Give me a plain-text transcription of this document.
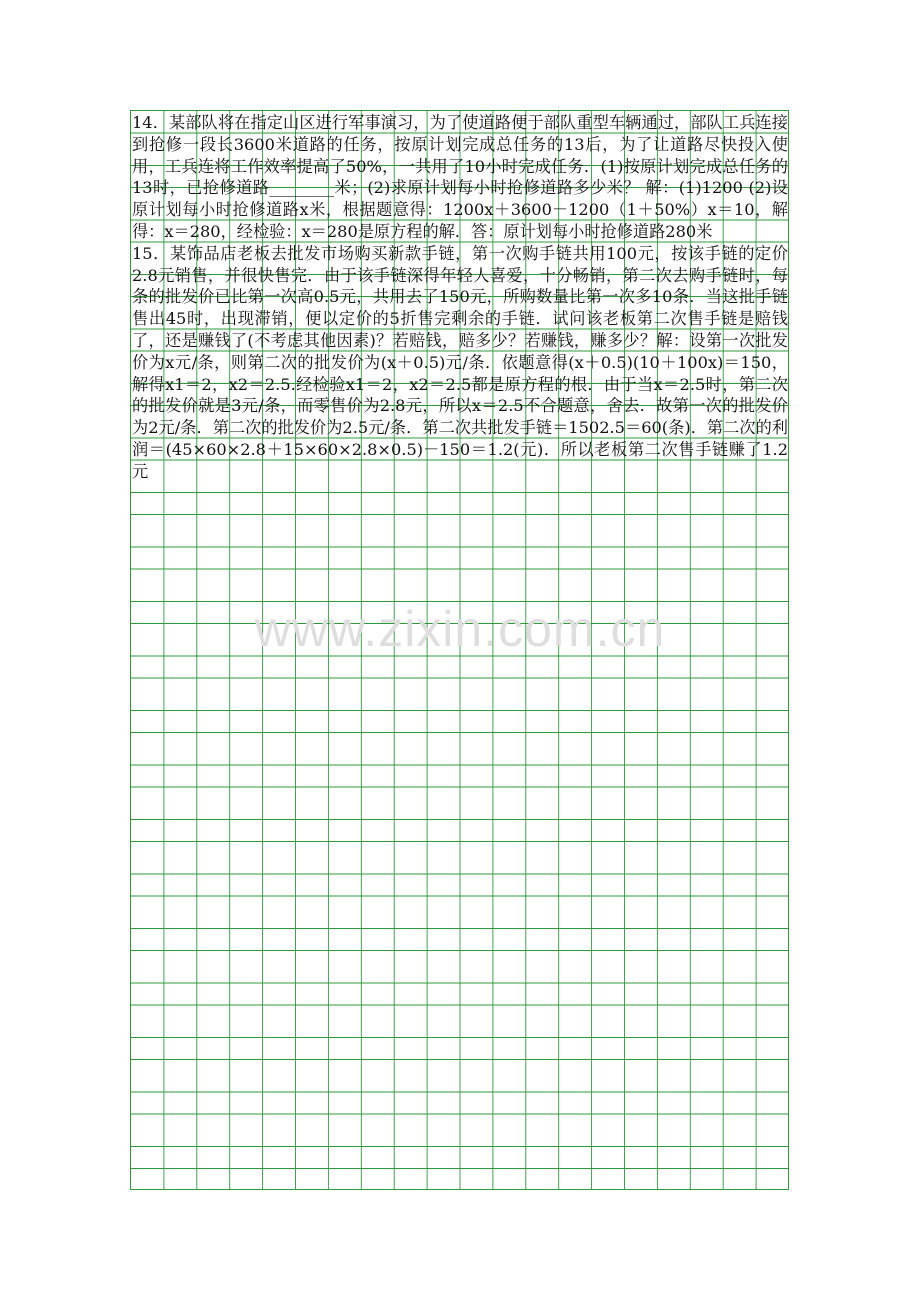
www.zixin.com.cn

14．某部队将在指定山区进行军事演习，为了使道路便于部队重型车辆通过，部队工兵连接到抢修一段长3600米道路的任务，按原计划完成总任务的13后，为了让道路尽快投入使用，工兵连将工作效率提高了50%，一共用了10小时完成任务．(1)按原计划完成总任务的13时，已抢修道路________米；(2)求原计划每小时抢修道路多少米？ 解：(1)1200 (2)设原计划每小时抢修道路x米，根据题意得：1200x＋3600－1200（1＋50%）x＝10，解得：x＝280，经检验：x＝280是原方程的解．答：原计划每小时抢修道路280米

15．某饰品店老板去批发市场购买新款手链，第一次购手链共用100元，按该手链的定价2.8元销售，并很快售完．由于该手链深得年轻人喜爱，十分畅销，第二次去购手链时，每条的批发价已比第一次高0.5元，共用去了150元，所购数量比第一次多10条．当这批手链售出45时，出现滞销，便以定价的5折售完剩余的手链．试问该老板第二次售手链是赔钱了，还是赚钱了(不考虑其他因素)？若赔钱，赔多少？若赚钱，赚多少？解：设第一次批发价为x元/条，则第二次的批发价为(x＋0.5)元/条．依题意得(x＋0.5)(10＋100x)＝150，解得x1＝2，x2＝2.5.经检验x1＝2，x2＝2.5都是原方程的根．由于当x＝2.5时，第二次的批发价就是3元/条，而零售价为2.8元，所以x＝2.5不合题意，舍去．故第一次的批发价为2元/条．第二次的批发价为2.5元/条．第二次共批发手链＝1502.5＝60(条)．第二次的利润＝(45×60×2.8＋15×60×2.8×0.5)－150＝1.2(元)．所以老板第二次售手链赚了1.2元
